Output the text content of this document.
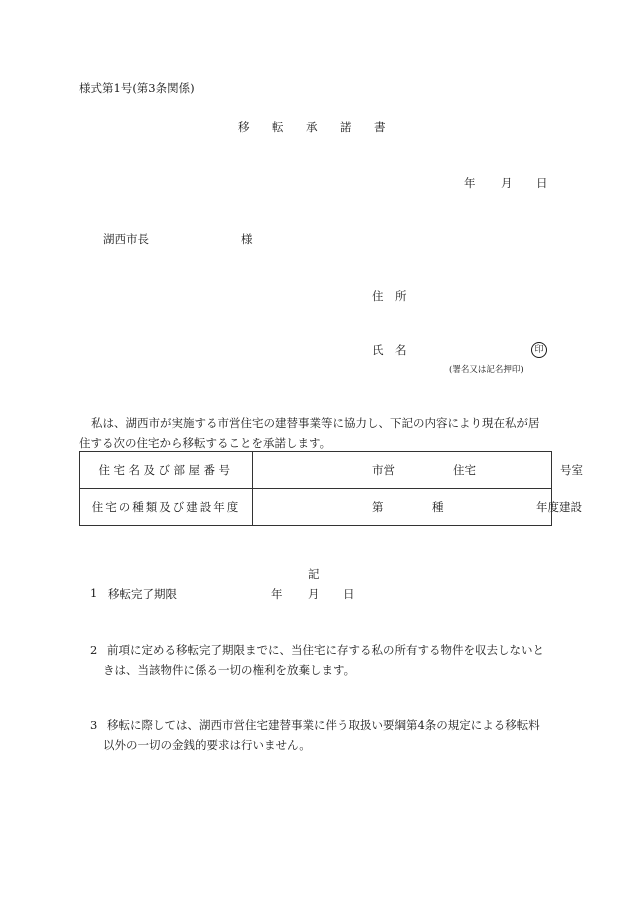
様式第1号(第3条関係)
移 転 承 諾 書
年 月 日
湖西市長	様
住　所
氏　名	印
(署名又は記名押印)
私は、湖西市が実施する市営住宅の建替事業等に協力し、下記の内容により現在私が居
住する次の住宅から移転することを承諾します。
住宅名及び部屋番号	市営 住宅 号室

住宅の種類及び建設年度	第 種 年度建設
記
1 移転完了期限	年 月 日
2 前項に定める移転完了期限までに、当住宅に存する私の所有する物件を収去しないと
きは、当該物件に係る一切の権利を放棄します。
3 移転に際しては、湖西市営住宅建替事業に伴う取扱い要綱第4条の規定による移転料
以外の一切の金銭的要求は行いません。
